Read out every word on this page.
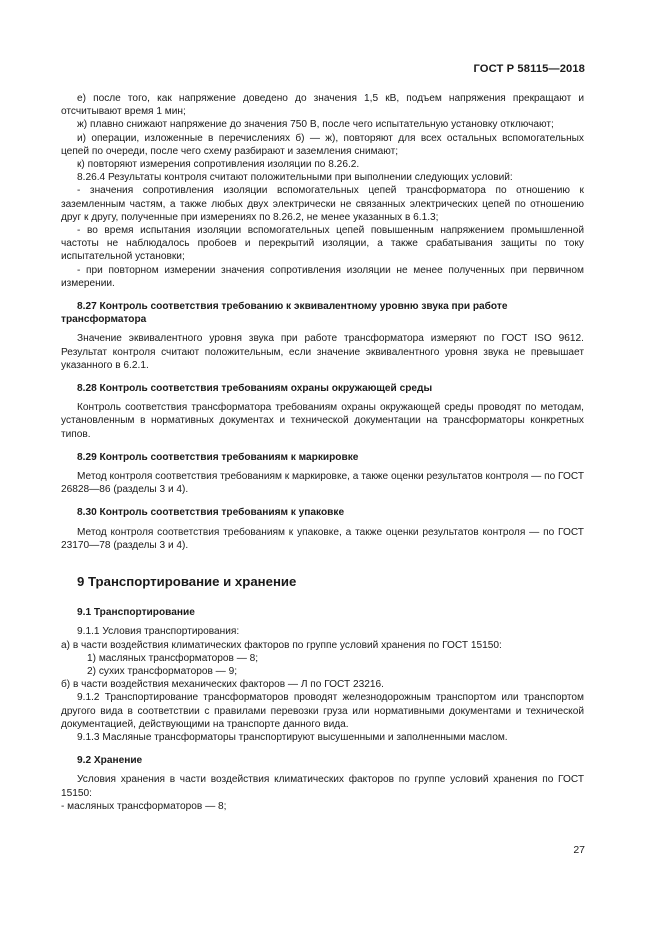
ГОСТ Р 58115—2018

е) после того, как напряжение доведено до значения 1,5 кВ, подъем напряжения прекращают и отсчитывают время 1 мин;

ж) плавно снижают напряжение до значения 750 В, после чего испытательную установку отключают;

и) операции, изложенные в перечислениях б) — ж), повторяют для всех остальных вспомогательных цепей по очереди, после чего схему разбирают и заземления снимают;

к) повторяют измерения сопротивления изоляции по 8.26.2.

8.26.4 Результаты контроля считают положительными при выполнении следующих условий:

- значения сопротивления изоляции вспомогательных цепей трансформатора по отношению к заземленным частям, а также любых двух электрически не связанных электрических цепей по отношению друг к другу, полученные при измерениях по 8.26.2, не менее указанных в 6.1.3;

- во время испытания изоляции вспомогательных цепей повышенным напряжением промышленной частоты не наблюдалось пробоев и перекрытий изоляции, а также срабатывания защиты по току испытательной установки;

- при повторном измерении значения сопротивления изоляции не менее полученных при первичном измерении.

8.27 Контроль соответствия требованию к эквивалентному уровню звука при работе трансформатора

Значение эквивалентного уровня звука при работе трансформатора измеряют по ГОСТ ISO 9612. Результат контроля считают положительным, если значение эквивалентного уровня звука не превышает указанного в 6.2.1.

8.28 Контроль соответствия требованиям охраны окружающей среды

Контроль соответствия трансформатора требованиям охраны окружающей среды проводят по методам, установленным в нормативных документах и технической документации на трансформаторы конкретных типов.

8.29 Контроль соответствия требованиям к маркировке

Метод контроля соответствия требованиям к маркировке, а также оценки результатов контроля — по ГОСТ 26828—86 (разделы 3 и 4).

8.30 Контроль соответствия требованиям к упаковке

Метод контроля соответствия требованиям к упаковке, а также оценки результатов контроля — по ГОСТ 23170—78 (разделы 3 и 4).

9 Транспортирование и хранение

9.1 Транспортирование

9.1.1 Условия транспортирования:

а) в части воздействия климатических факторов по группе условий хранения по ГОСТ 15150:

1) масляных трансформаторов — 8;

2) сухих трансформаторов — 9;

б) в части воздействия механических факторов — Л по ГОСТ 23216.

9.1.2 Транспортирование трансформаторов проводят железнодорожным транспортом или транспортом другого вида в соответствии с правилами перевозки груза или нормативными документами и технической документацией, действующими на транспорте данного вида.

9.1.3 Масляные трансформаторы транспортируют высушенными и заполненными маслом.

9.2 Хранение

Условия хранения в части воздействия климатических факторов по группе условий хранения по ГОСТ 15150:

- масляных трансформаторов — 8;

27
